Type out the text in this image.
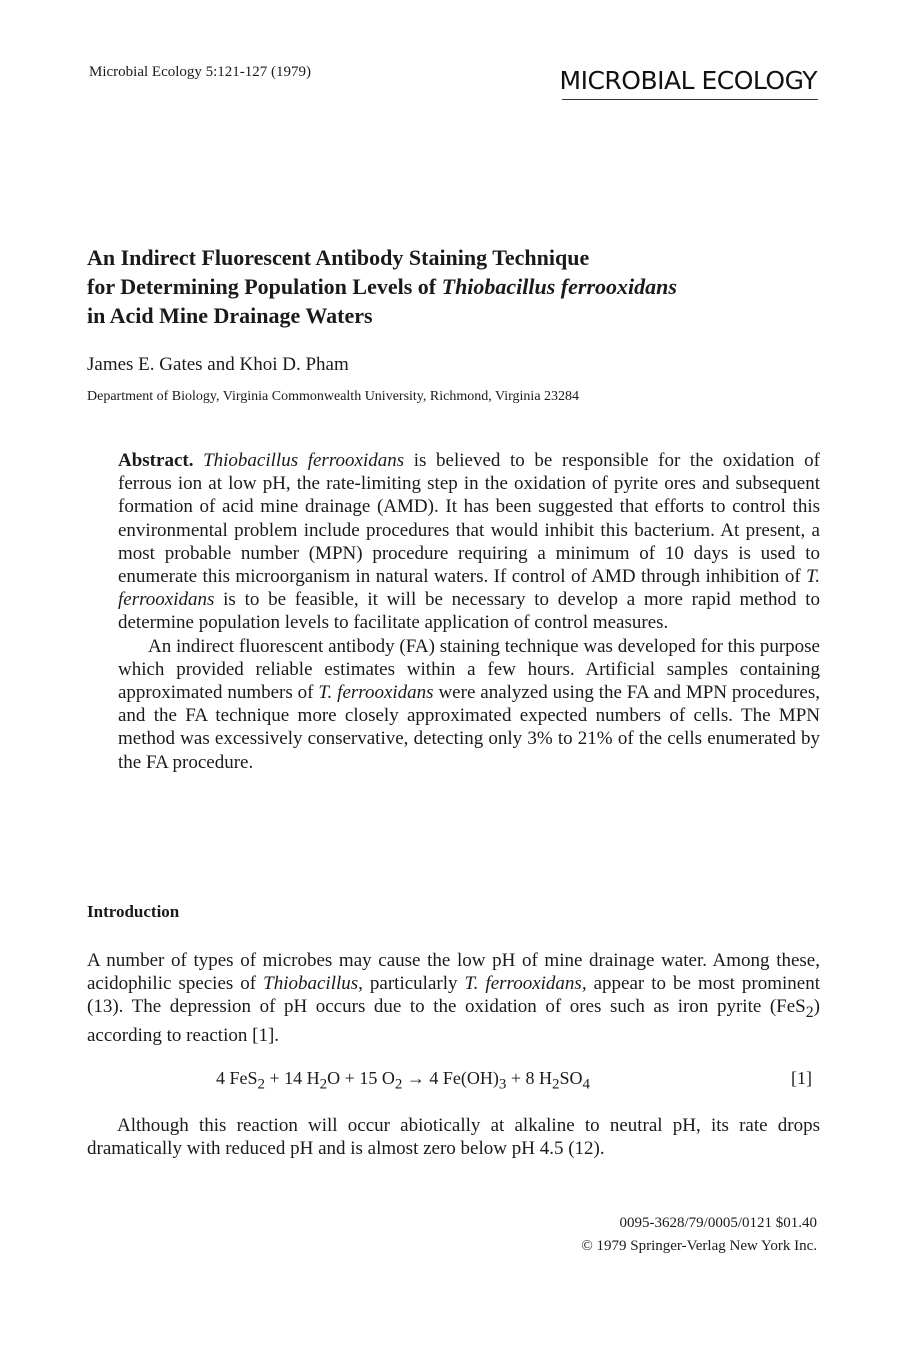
Microbial Ecology 5:121-127 (1979)	MICROBIAL ECOLOGY
An Indirect Fluorescent Antibody Staining Technique
for Determining Population Levels of Thiobacillus ferrooxidans
in Acid Mine Drainage Waters
James E. Gates and Khoi D. Pham
Department of Biology, Virginia Commonwealth University, Richmond, Virginia 23284

Abstract. Thiobacillus ferrooxidans is believed to be responsible for the oxidation of ferrous ion at low pH, the rate-limiting step in the oxidation of pyrite ores and subsequent formation of acid mine drainage (AMD). It has been suggested that efforts to control this environmental problem include procedures that would inhibit this bacterium. At present, a most probable number (MPN) procedure requiring a minimum of 10 days is used to enumerate this microorganism in natural waters. If control of AMD through inhibition of T. ferrooxidans is to be feasible, it will be necessary to develop a more rapid method to determine population levels to facilitate application of control measures.

An indirect fluorescent antibody (FA) staining technique was developed for this purpose which provided reliable estimates within a few hours. Artificial samples containing approximated numbers of T. ferrooxidans were analyzed using the FA and MPN procedures, and the FA technique more closely approximated expected numbers of cells. The MPN method was excessively conservative, detecting only 3% to 21% of the cells enumerated by the FA procedure.

Introduction

A number of types of microbes may cause the low pH of mine drainage water. Among these, acidophilic species of Thiobacillus, particularly T. ferrooxidans, appear to be most prominent (13). The depression of pH occurs due to the oxidation of ores such as iron pyrite (FeS$_2$) according to reaction [1].

4 FeS$_2$ + 14 $H_2O + 15$ $O_2 \to 4$ $Fe(OH)_3 + 8$ $H_2SO_4$	[1]

Although this reaction will occur abiotically at alkaline to neutral pH, its rate drops dramatically with reduced pH and is almost zero below pH 4.5 (12).

0095-3628/79/0005/0121 $01.40
© 1979 Springer-Verlag New York Inc.
